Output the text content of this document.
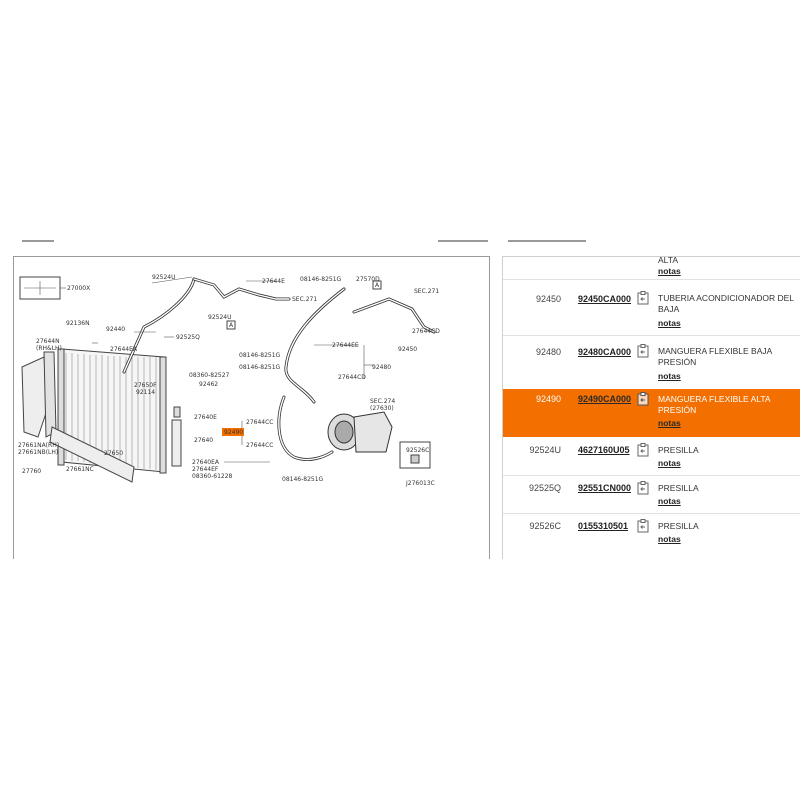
27000X
92524U
27644E	08146-8251G 27570D
SEC.271
SEC.271
92136N
92440
92524U
27644EA
92525Q
27644EE
27644CD
92450
27644N
(RH&LH)
08146-8251G
08146-8251G
08360-82527
92480
27644CD
92462
27650F
92114
27640E
SEC.274
(27630)
92490
27644CC
27640
27661NA(RH)
27661NB(LH)	27650
27644CC
27640EA
27644EF
08360-61228	08146-8251G
92526C
27760	27661NC
A
A
J276013C
ALTA
notas
92450 92450CA000	TUBERIA ACONDICIONADOR DEL
BAJA
notas
92480 92480CA000	MANGUERA FLEXIBLE BAJA
PRESIÓN
notas
92490 92490CA000	MANGUERA FLEXIBLE ALTA
PRESIÓN
notas
92524U 4627160U05	PRESILLA
notas
92525Q 92551CN000	PRESILLA
notas
92526C 0155310501	PRESILLA
notas
